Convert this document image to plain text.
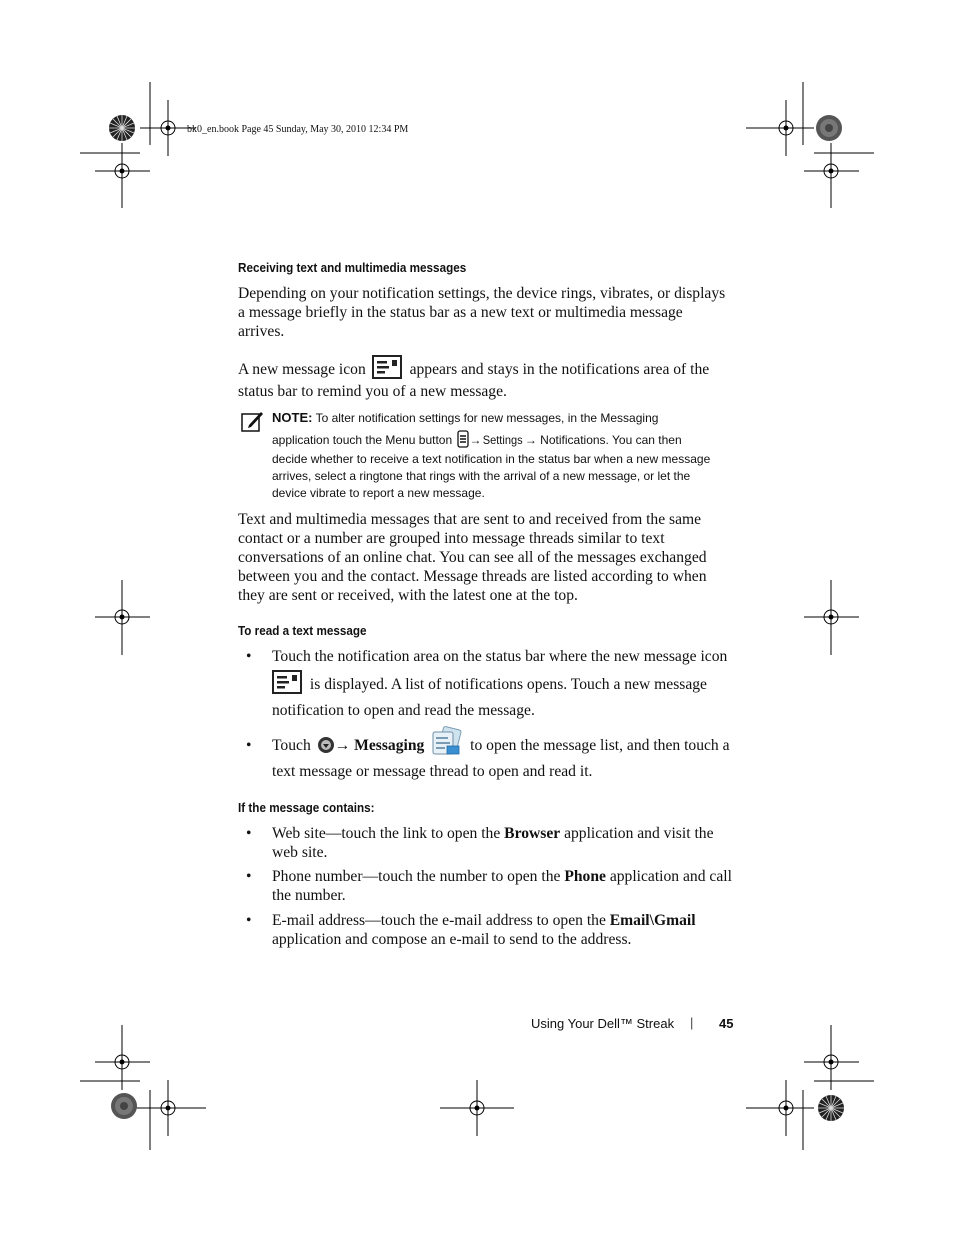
bk0_en.book Page 45 Sunday, May 30, 2010 12:34 PM
Receiving text and multimedia messages
Depending on your notification settings, the device rings, vibrates, or displays
a message briefly in the status bar as a new text or multimedia message
arrives.
A new message icon	appears and stays in the notifications area of the
status bar to remind you of a new message.
NOTE: To alter notification settings for new messages, in the Messaging
application touch the Menu button →Settings → Notifications. You can then
decide whether to receive a text notification in the status bar when a new message
arrives, select a ringtone that rings with the arrival of a new message, or let the
device vibrate to report a new message.
Text and multimedia messages that are sent to and received from the same
contact or a number are grouped into message threads similar to text
conversations of an online chat. You can see all of the messages exchanged
between you and the contact. Message threads are listed according to when
they are sent or received, with the latest one at the top.
To read a text message
• Touch the notification area on the status bar where the new message icon
is displayed. A list of notifications opens. Touch a new message
notification to open and read the message.
• Touch → Messaging	to open the message list, and then touch a
text message or message thread to open and read it.
If the message contains:
• Web site—touch the link to open the Browser application and visit the
web site.
• Phone number—touch the number to open the Phone application and call
the number.
• E-mail address—touch the e-mail address to open the Email\Gmail
application and compose an e-mail to send to the address.
Using Your Dell™ Streak | 45
